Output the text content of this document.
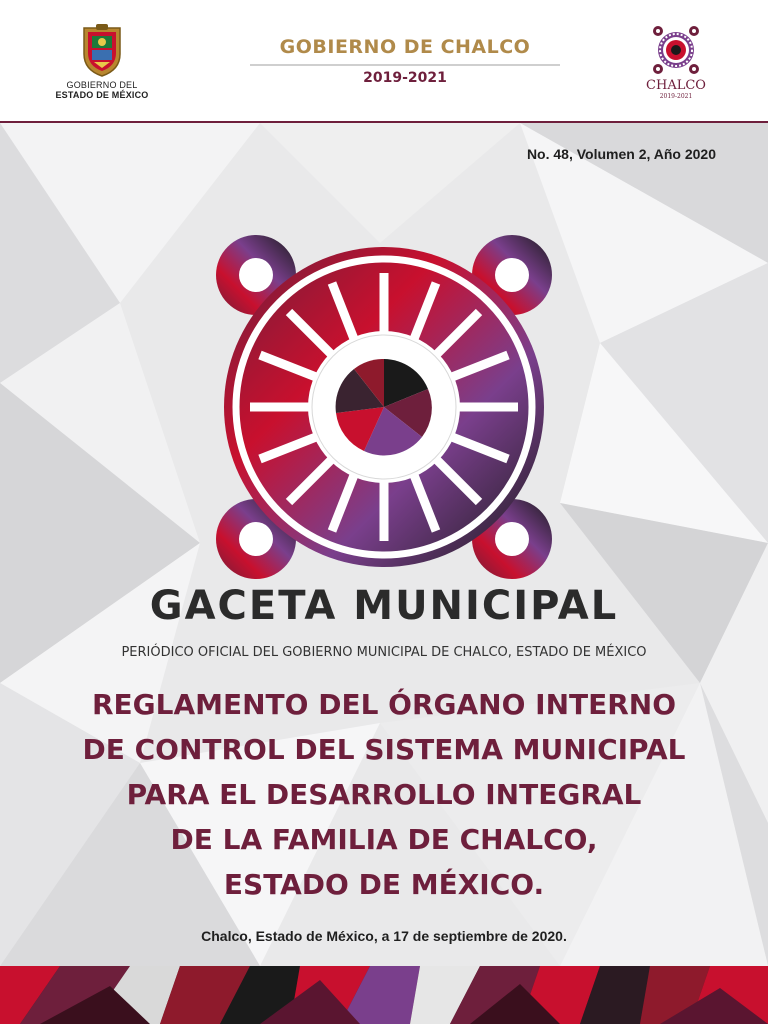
GOBIERNO DEL
ESTADO DE MÉXICO
GOBIERNO DE CHALCO
2019-2021	CHALCO
2019-2021
No. 48, Volumen 2, Año 2020
GACETA MUNICIPAL
PERIÓDICO OFICIAL DEL GOBIERNO MUNICIPAL DE CHALCO, ESTADO DE MÉXICO
REGLAMENTO DEL ÓRGANO INTERNO
DE CONTROL DEL SISTEMA MUNICIPAL
PARA EL DESARROLLO INTEGRAL
DE LA FAMILIA DE CHALCO,
ESTADO DE MÉXICO.
Chalco, Estado de México, a 17 de septiembre de 2020.
